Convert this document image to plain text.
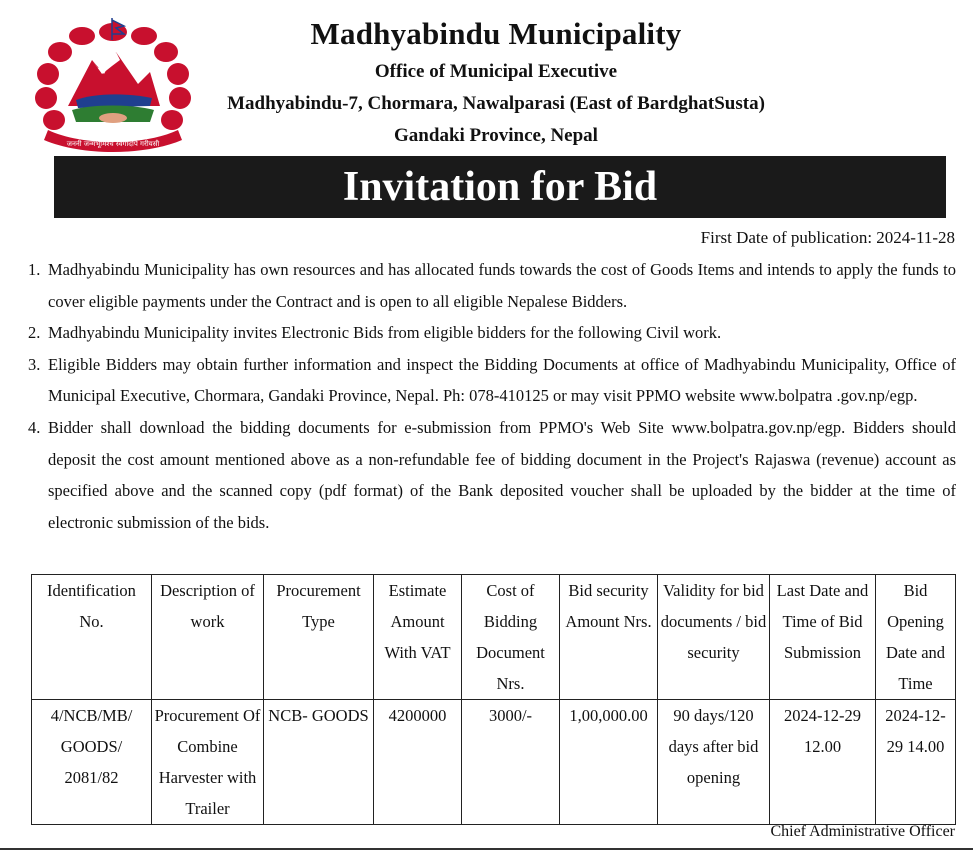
जननी जन्मभूमिश्च स्वर्गादपि गरीयसी
Madhyabindu Municipality
Office of Municipal Executive
Madhyabindu-7, Chormara, Nawalparasi (East of BardghatSusta)
Gandaki Province, Nepal
Invitation for Bid
First Date of publication: 2024-11-28
1. Madhyabindu Municipality has own resources and has allocated funds towards the cost of Goods Items and intends to apply the funds to cover eligible payments under the Contract and is open to all eligible Nepalese Bidders.
2. Madhyabindu Municipality invites Electronic Bids from eligible bidders for the following Civil work.
3. Eligible Bidders may obtain further information and inspect the Bidding Documents at office of Madhyabindu Municipality, Office of Municipal Executive, Chormara, Gandaki Province, Nepal. Ph: 078-410125 or may visit PPMO website www.bolpatra .gov.np/egp.
4. Bidder shall download the bidding documents for e-submission from PPMO's Web Site www.bolpatra.gov.np/egp. Bidders should deposit the cost amount mentioned above as a non-refundable fee of bidding document in the Project's Rajaswa (revenue) account as specified above and the scanned copy (pdf format) of the Bank deposited voucher shall be uploaded by the bidder at the time of electronic submission of the bids.
Identification No.	Description of work	Procurement Type	Estimate Amount With VAT	Cost of Bidding Document Nrs.	Bid security Amount Nrs.	Validity for bid documents / bid security	Last Date and Time of Bid Submission	Bid Opening Date and Time
4/NCB/MB/ GOODS/ 2081/82	Procurement Of Combine Harvester with Trailer	NCB- GOODS	4200000	3000/-	1,00,000.00	90 days/120 days after bid opening	2024-12-29 12.00	2024-12-29 14.00
Chief Administrative Officer
